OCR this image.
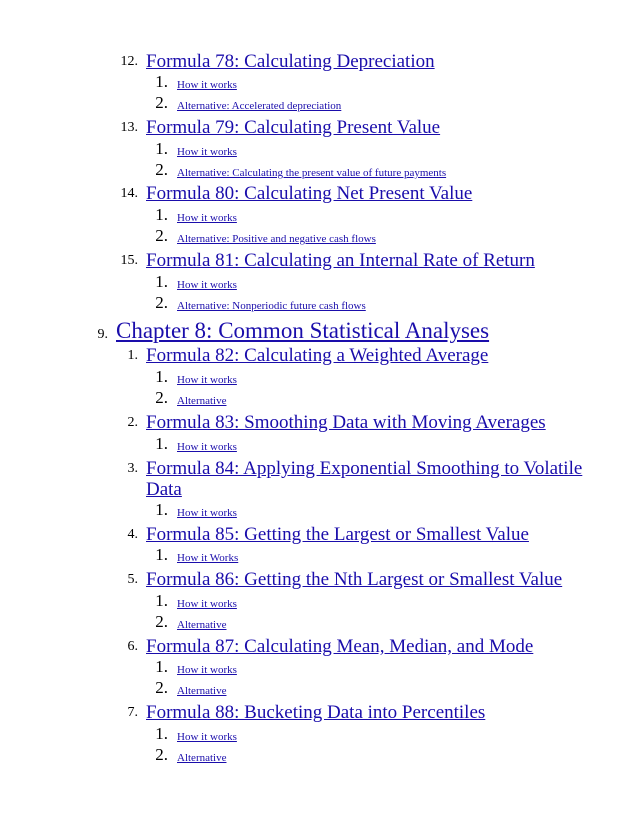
12. Formula 78: Calculating Depreciation
1. How it works
2. Alternative: Accelerated depreciation
13. Formula 79: Calculating Present Value
1. How it works
2. Alternative: Calculating the present value of future payments
14. Formula 80: Calculating Net Present Value
1. How it works
2. Alternative: Positive and negative cash flows
15. Formula 81: Calculating an Internal Rate of Return
1. How it works
2. Alternative: Nonperiodic future cash flows
9. Chapter 8: Common Statistical Analyses
1. Formula 82: Calculating a Weighted Average
1. How it works
2. Alternative
2. Formula 83: Smoothing Data with Moving Averages
1. How it works
3. Formula 84: Applying Exponential Smoothing to Volatile
Data
1. How it works
4. Formula 85: Getting the Largest or Smallest Value
1. How it Works
5. Formula 86: Getting the Nth Largest or Smallest Value
1. How it works
2. Alternative
6. Formula 87: Calculating Mean, Median, and Mode
1. How it works
2. Alternative
7. Formula 88: Bucketing Data into Percentiles
1. How it works
2. Alternative
